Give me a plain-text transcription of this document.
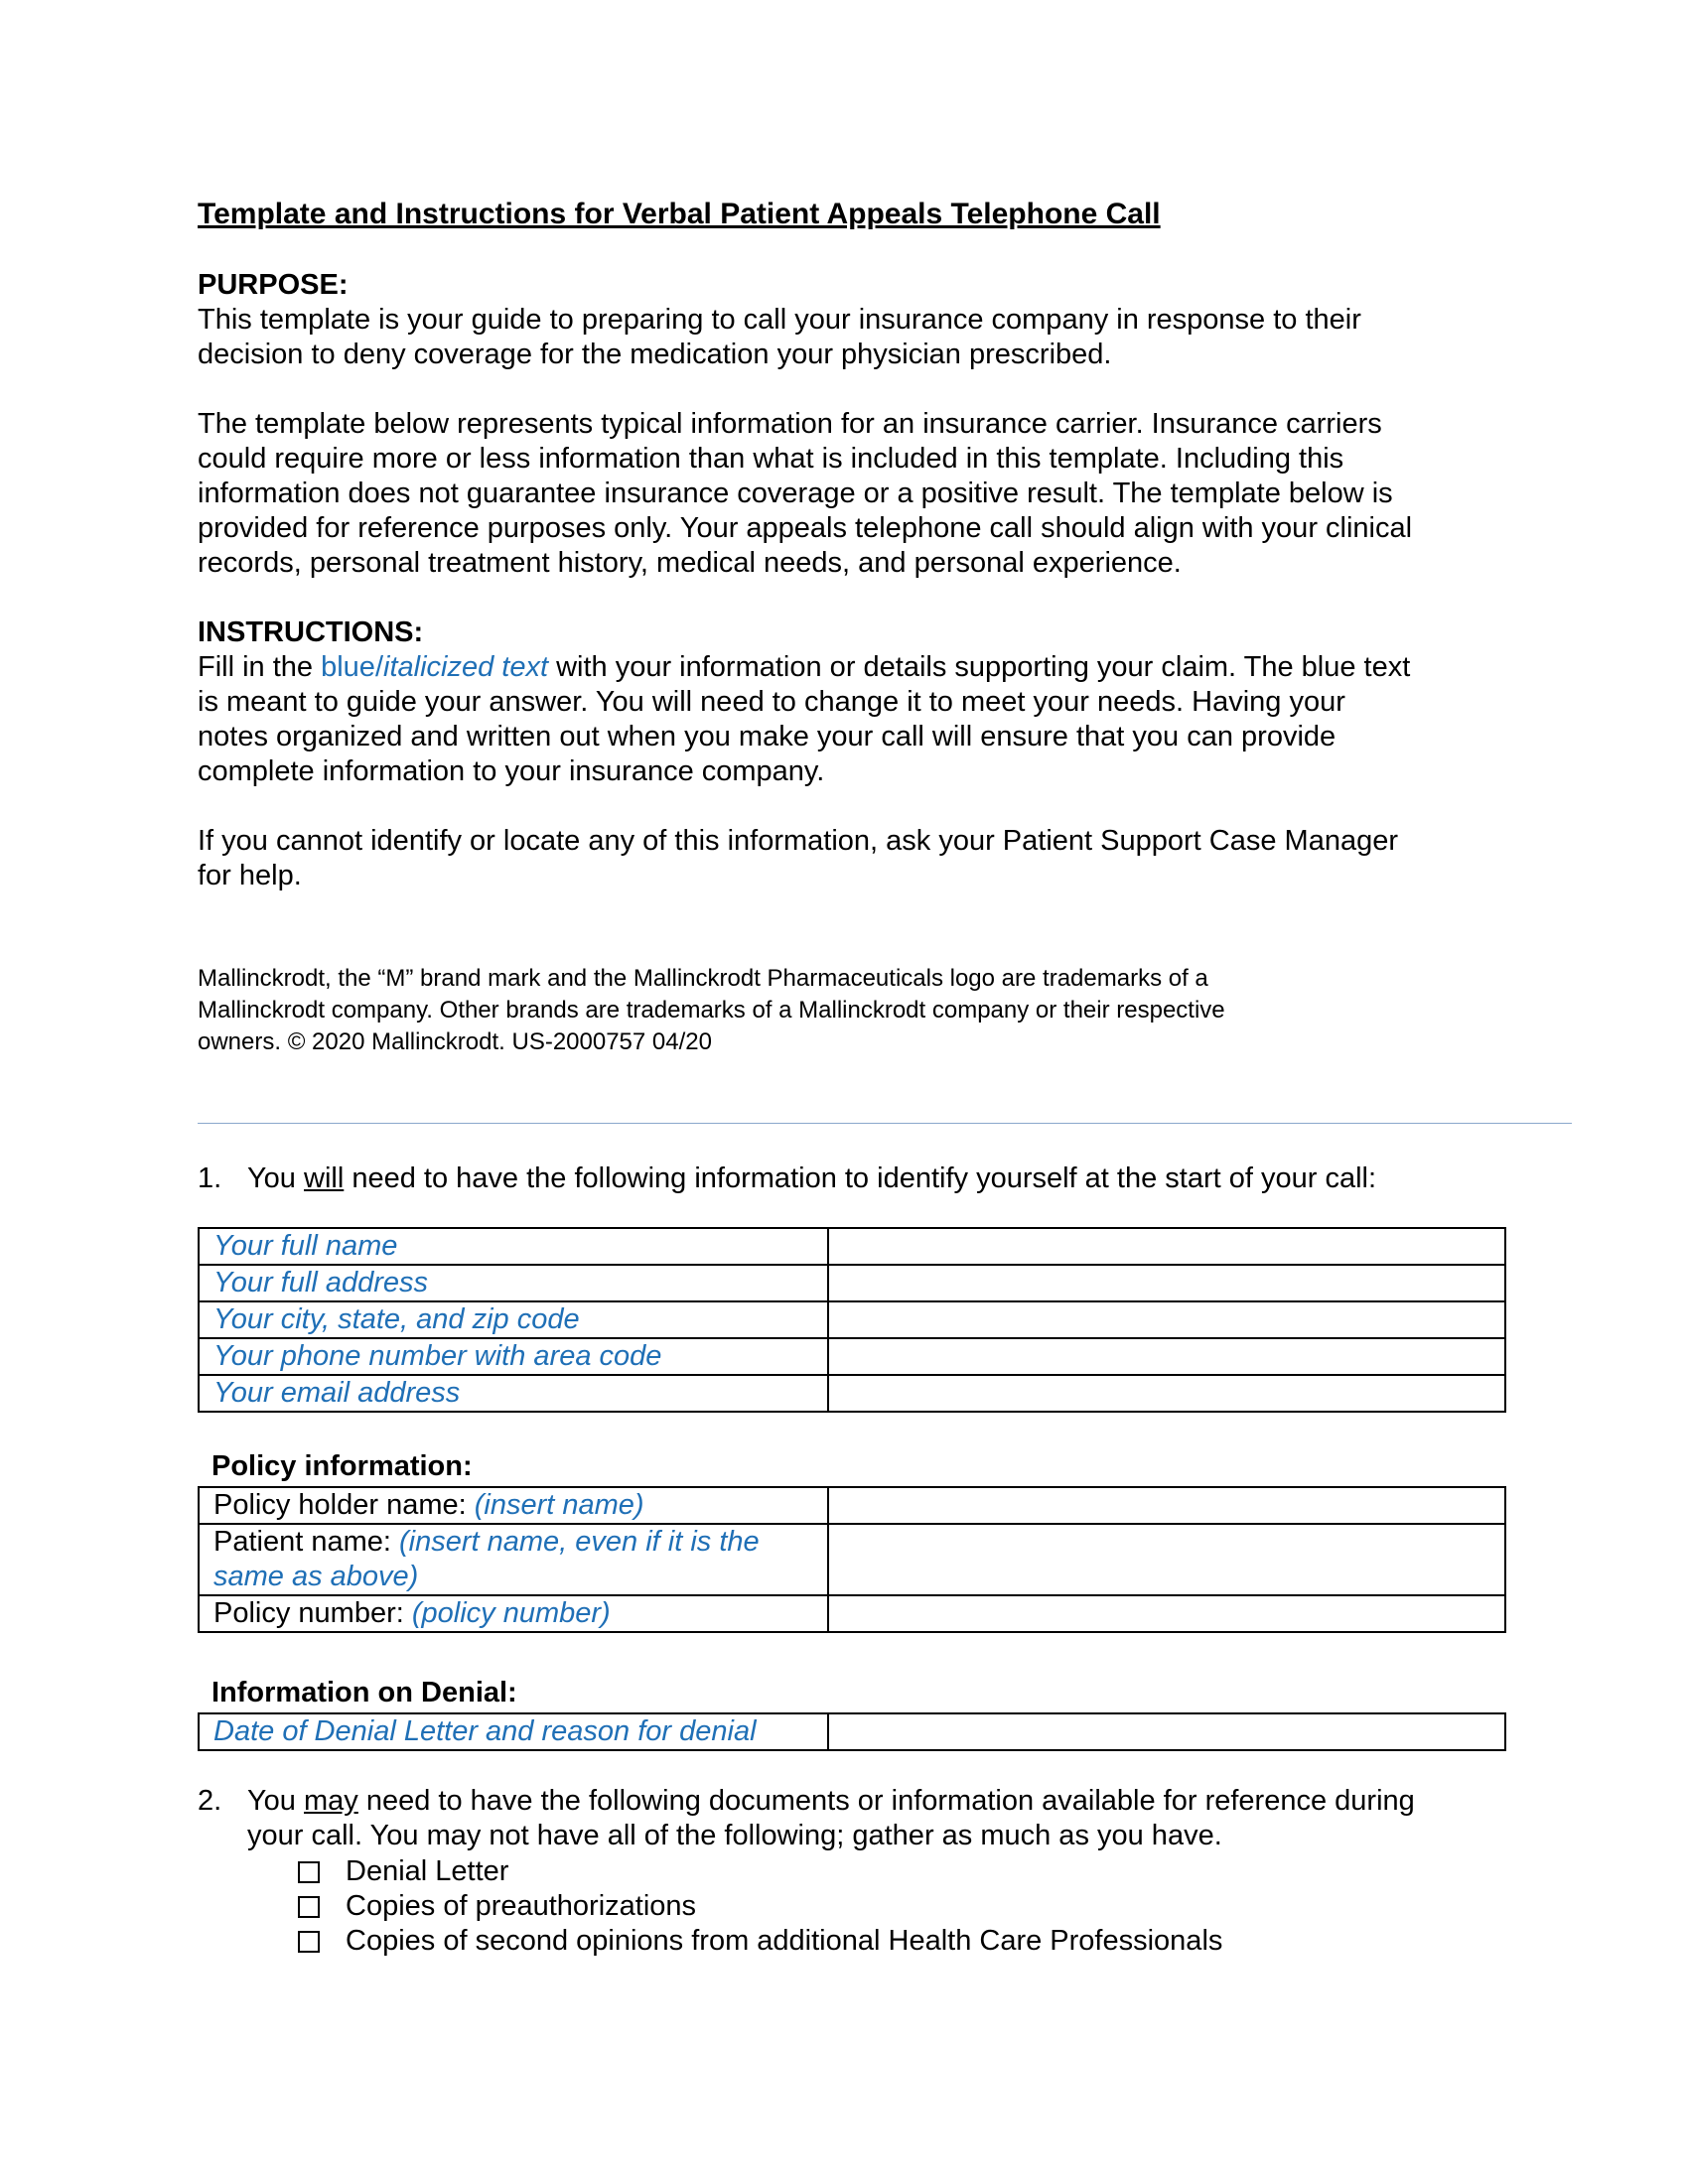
Template and Instructions for Verbal Patient Appeals Telephone Call
PURPOSE:
This template is your guide to preparing to call your insurance company in response to their
decision to deny coverage for the medication your physician prescribed.
The template below represents typical information for an insurance carrier. Insurance carriers
could require more or less information than what is included in this template. Including this
information does not guarantee insurance coverage or a positive result. The template below is
provided for reference purposes only. Your appeals telephone call should align with your clinical
records, personal treatment history, medical needs, and personal experience.
INSTRUCTIONS:
Fill in the blue/italicized text with your information or details supporting your claim. The blue text
is meant to guide your answer. You will need to change it to meet your needs. Having your
notes organized and written out when you make your call will ensure that you can provide
complete information to your insurance company.
If you cannot identify or locate any of this information, ask your Patient Support Case Manager
for help.
Mallinckrodt, the “M” brand mark and the Mallinckrodt Pharmaceuticals logo are trademarks of a
Mallinckrodt company. Other brands are trademarks of a Mallinckrodt company or their respective
owners. © 2020 Mallinckrodt. US-2000757 04/20
1. You will need to have the following information to identify yourself at the start of your call:
Your full name	
Your full address	
Your city, state, and zip code	
Your phone number with area code	
Your email address	
Policy information:
Policy holder name: (insert name)	
Patient name: (insert name, even if it is the
same as above)	
Policy number: (policy number)	
Information on Denial:
Date of Denial Letter and reason for denial	
2. You may need to have the following documents or information available for reference during
your call. You may not have all of the following; gather as much as you have.
Denial Letter
Copies of preauthorizations
Copies of second opinions from additional Health Care Professionals
